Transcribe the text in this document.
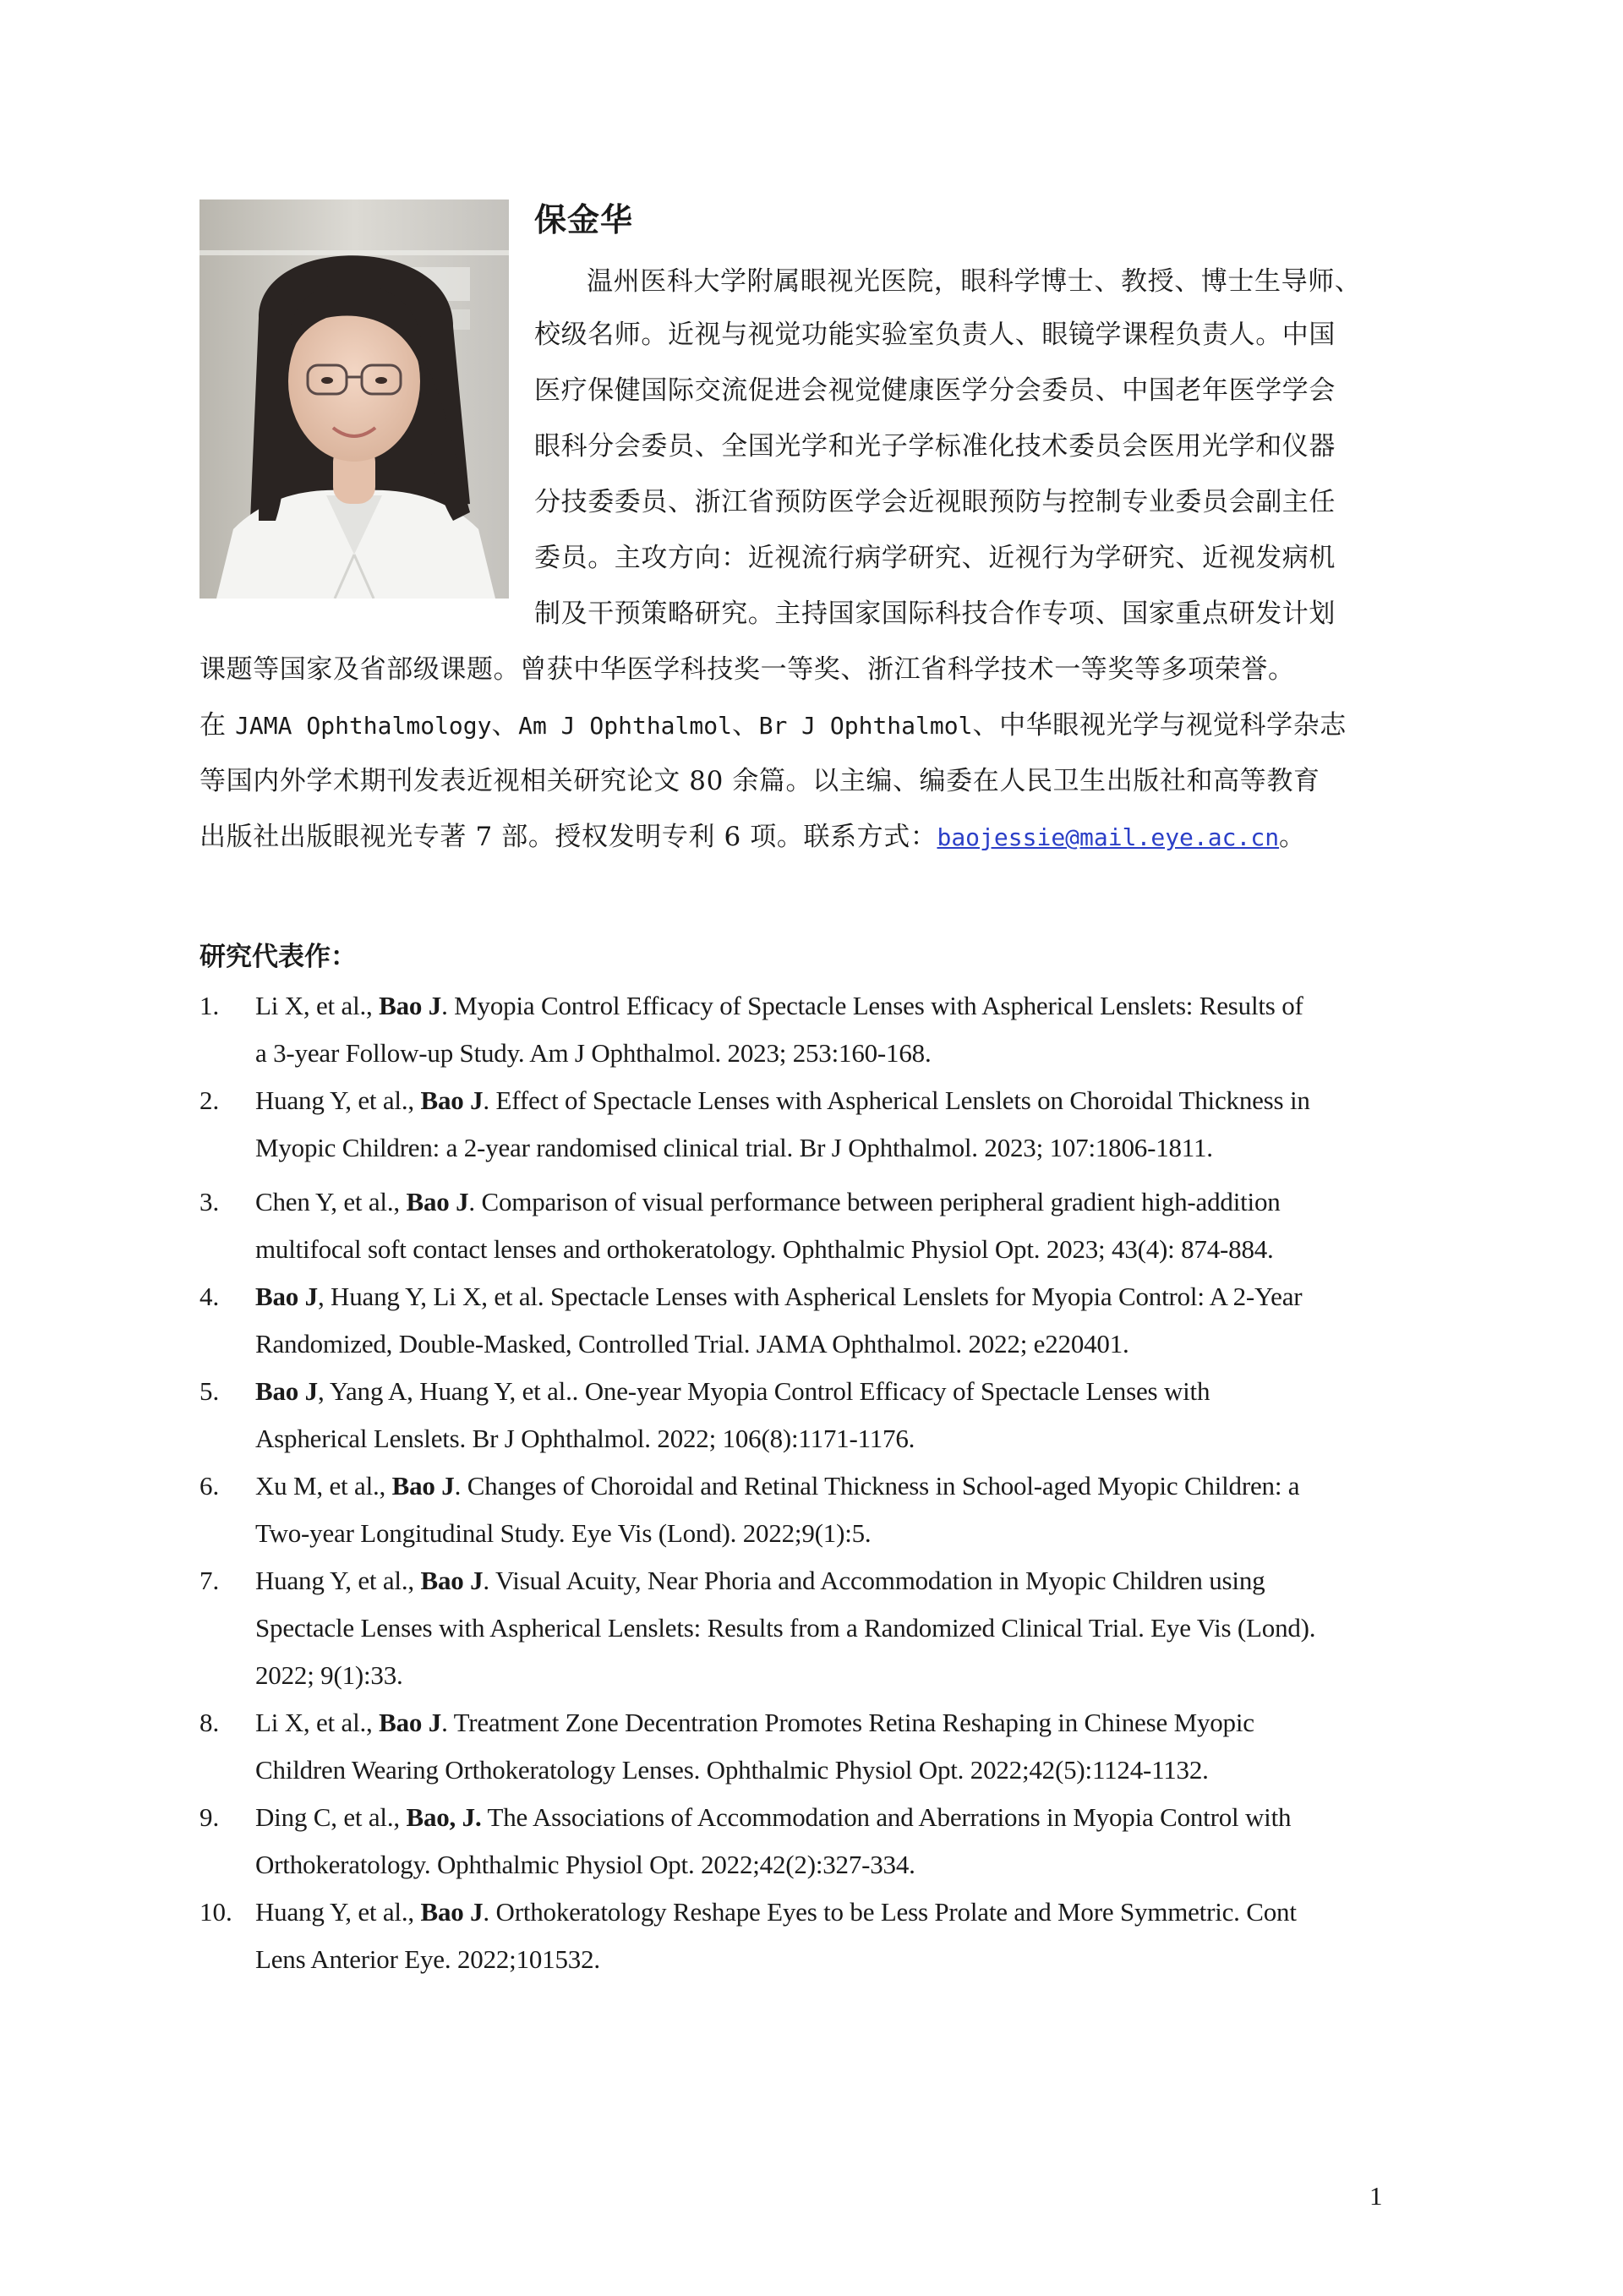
保金华
温州医科大学附属眼视光医院，眼科学博士、教授、博士生导师、
校级名师。近视与视觉功能实验室负责人、眼镜学课程负责人。中国
医疗保健国际交流促进会视觉健康医学分会委员、中国老年医学学会
眼科分会委员、全国光学和光子学标准化技术委员会医用光学和仪器
分技委委员、浙江省预防医学会近视眼预防与控制专业委员会副主任
委员。主攻方向：近视流行病学研究、近视行为学研究、近视发病机
制及干预策略研究。主持国家国际科技合作专项、国家重点研发计划
课题等国家及省部级课题。曾获中华医学科技奖一等奖、浙江省科学技术一等奖等多项荣誉。
在 JAMA Ophthalmology、Am J Ophthalmol、Br J Ophthalmol、中华眼视光学与视觉科学杂志
等国内外学术期刊发表近视相关研究论文 80 余篇。以主编、编委在人民卫生出版社和高等教育
出版社出版眼视光专著 7 部。授权发明专利 6 项。联系方式：baojessie@mail.eye.ac.cn。
研究代表作：
1. Li X, et al., Bao J. Myopia Control Efficacy of Spectacle Lenses with Aspherical Lenslets: Results of
a 3-year Follow-up Study. Am J Ophthalmol. 2023; 253:160-168.
2. Huang Y, et al., Bao J. Effect of Spectacle Lenses with Aspherical Lenslets on Choroidal Thickness in
Myopic Children: a 2-year randomised clinical trial. Br J Ophthalmol. 2023; 107:1806-1811.
3. Chen Y, et al., Bao J. Comparison of visual performance between peripheral gradient high-addition
multifocal soft contact lenses and orthokeratology. Ophthalmic Physiol Opt. 2023; 43(4): 874-884.
4. Bao J, Huang Y, Li X, et al. Spectacle Lenses with Aspherical Lenslets for Myopia Control: A 2-Year
Randomized, Double-Masked, Controlled Trial. JAMA Ophthalmol. 2022; e220401.
5. Bao J, Yang A, Huang Y, et al.. One-year Myopia Control Efficacy of Spectacle Lenses with
Aspherical Lenslets. Br J Ophthalmol. 2022; 106(8):1171-1176.
6. Xu M, et al., Bao J. Changes of Choroidal and Retinal Thickness in School-aged Myopic Children: a
Two-year Longitudinal Study. Eye Vis (Lond). 2022;9(1):5.
7. Huang Y, et al., Bao J. Visual Acuity, Near Phoria and Accommodation in Myopic Children using
Spectacle Lenses with Aspherical Lenslets: Results from a Randomized Clinical Trial. Eye Vis (Lond).
2022; 9(1):33.
8. Li X, et al., Bao J. Treatment Zone Decentration Promotes Retina Reshaping in Chinese Myopic
Children Wearing Orthokeratology Lenses. Ophthalmic Physiol Opt. 2022;42(5):1124-1132.
9. Ding C, et al., Bao, J. The Associations of Accommodation and Aberrations in Myopia Control with
Orthokeratology. Ophthalmic Physiol Opt. 2022;42(2):327-334.
10. Huang Y, et al., Bao J. Orthokeratology Reshape Eyes to be Less Prolate and More Symmetric. Cont
Lens Anterior Eye. 2022;101532.
1
